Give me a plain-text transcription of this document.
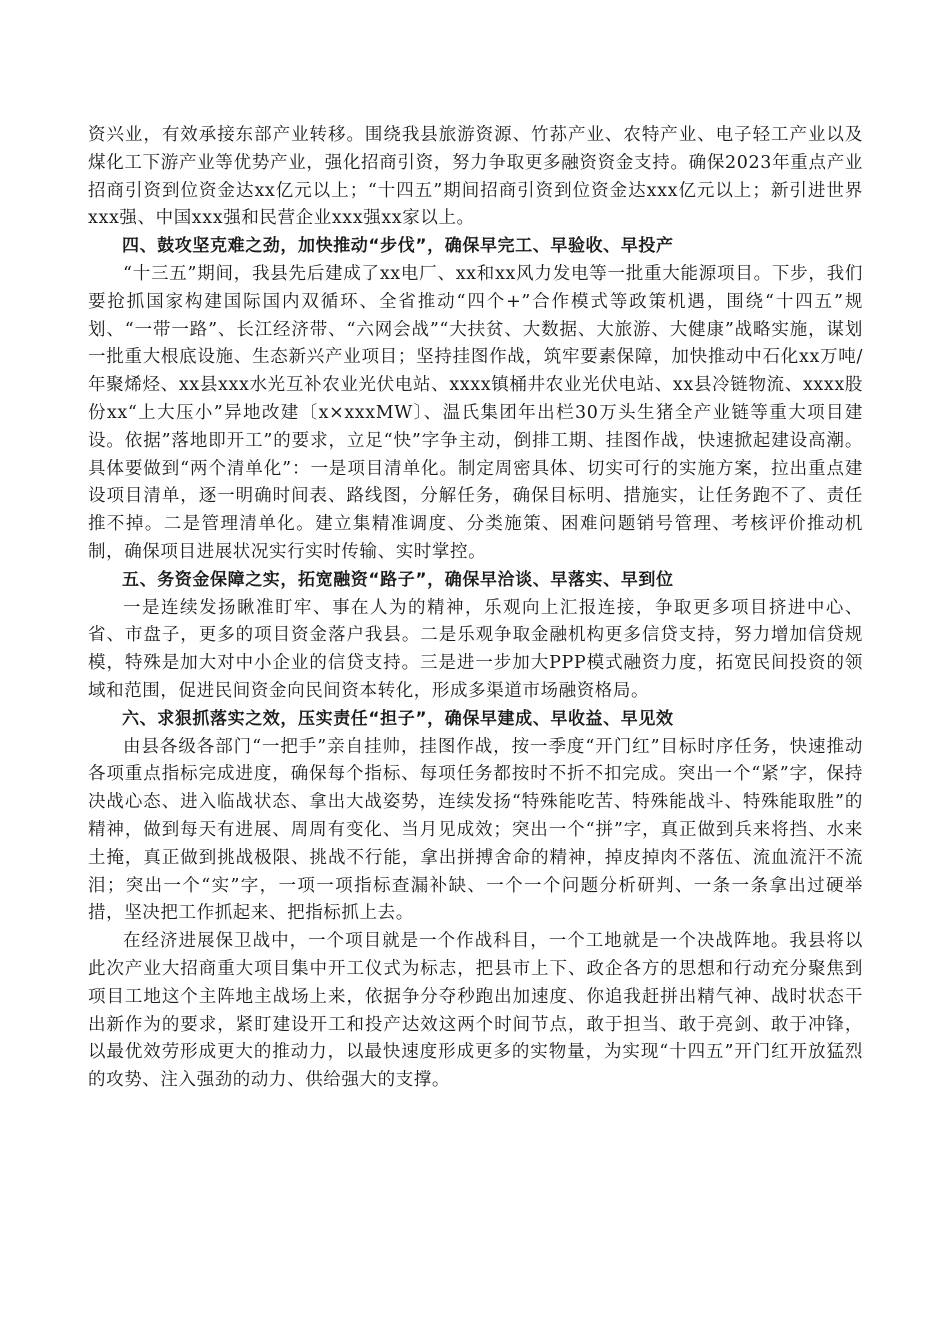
资兴业，有效承接东部产业转移。围绕我县旅游资源、竹荪产业、农特产业、电子轻工产业以及煤化工下游产业等优势产业，强化招商引资，努力争取更多融资资金支持。确保2023年重点产业招商引资到位资金达xx亿元以上；“十四五”期间招商引资到位资金达xxx亿元以上；新引进世界xxx强、中国xxx强和民营企业xxx强xx家以上。

四、鼓攻坚克难之劲，加快推动“步伐”，确保早完工、早验收、早投产

“十三五”期间，我县先后建成了xx电厂、xx和xx风力发电等一批重大能源项目。下步，我们要抢抓国家构建国际国内双循环、全省推动“四个+”合作模式等政策机遇，围绕“十四五”规划、“一带一路”、长江经济带、“六网会战”“大扶贫、大数据、大旅游、大健康”战略实施，谋划一批重大根底设施、生态新兴产业项目；坚持挂图作战，筑牢要素保障，加快推动中石化xx万吨/年聚烯烃、xx县xxx水光互补农业光伏电站、xxxx镇桶井农业光伏电站、xx县冷链物流、xxxx股份xx“上大压小”异地改建〔x×xxxMW〕、温氏集团年出栏30万头生猪全产业链等重大项目建设。依据”落地即开工”的要求，立足“快”字争主动，倒排工期、挂图作战，快速掀起建设高潮。具体要做到“两个清单化”：一是项目清单化。制定周密具体、切实可行的实施方案，拉出重点建设项目清单，逐一明确时间表、路线图，分解任务，确保目标明、措施实，让任务跑不了、责任推不掉。二是管理清单化。建立集精准调度、分类施策、困难问题销号管理、考核评价推动机制，确保项目进展状况实行实时传输、实时掌控。

五、务资金保障之实，拓宽融资“路子”，确保早洽谈、早落实、早到位

一是连续发扬瞅准盯牢、事在人为的精神，乐观向上汇报连接，争取更多项目挤进中心、省、市盘子，更多的项目资金落户我县。二是乐观争取金融机构更多信贷支持，努力增加信贷规模，特殊是加大对中小企业的信贷支持。三是进一步加大PPP模式融资力度，拓宽民间投资的领域和范围，促进民间资金向民间资本转化，形成多渠道市场融资格局。

六、求狠抓落实之效，压实责任“担子”，确保早建成、早收益、早见效

由县各级各部门“一把手”亲自挂帅，挂图作战，按一季度“开门红”目标时序任务，快速推动各项重点指标完成进度，确保每个指标、每项任务都按时不折不扣完成。突出一个“紧”字，保持决战心态、进入临战状态、拿出大战姿势，连续发扬“特殊能吃苦、特殊能战斗、特殊能取胜”的精神，做到每天有进展、周周有变化、当月见成效；突出一个“拼”字，真正做到兵来将挡、水来土掩，真正做到挑战极限、挑战不行能，拿出拼搏舍命的精神，掉皮掉肉不落伍、流血流汗不流泪；突出一个“实”字，一项一项指标查漏补缺、一个一个问题分析研判、一条一条拿出过硬举措，坚决把工作抓起来、把指标抓上去。

在经济进展保卫战中，一个项目就是一个作战科目，一个工地就是一个决战阵地。我县将以此次产业大招商重大项目集中开工仪式为标志，把县市上下、政企各方的思想和行动充分聚焦到项目工地这个主阵地主战场上来，依据争分夺秒跑出加速度、你追我赶拼出精气神、战时状态干出新作为的要求，紧盯建设开工和投产达效这两个时间节点，敢于担当、敢于亮剑、敢于冲锋，以最优效劳形成更大的推动力，以最快速度形成更多的实物量，为实现“十四五”开门红开放猛烈的攻势、注入强劲的动力、供给强大的支撑。
